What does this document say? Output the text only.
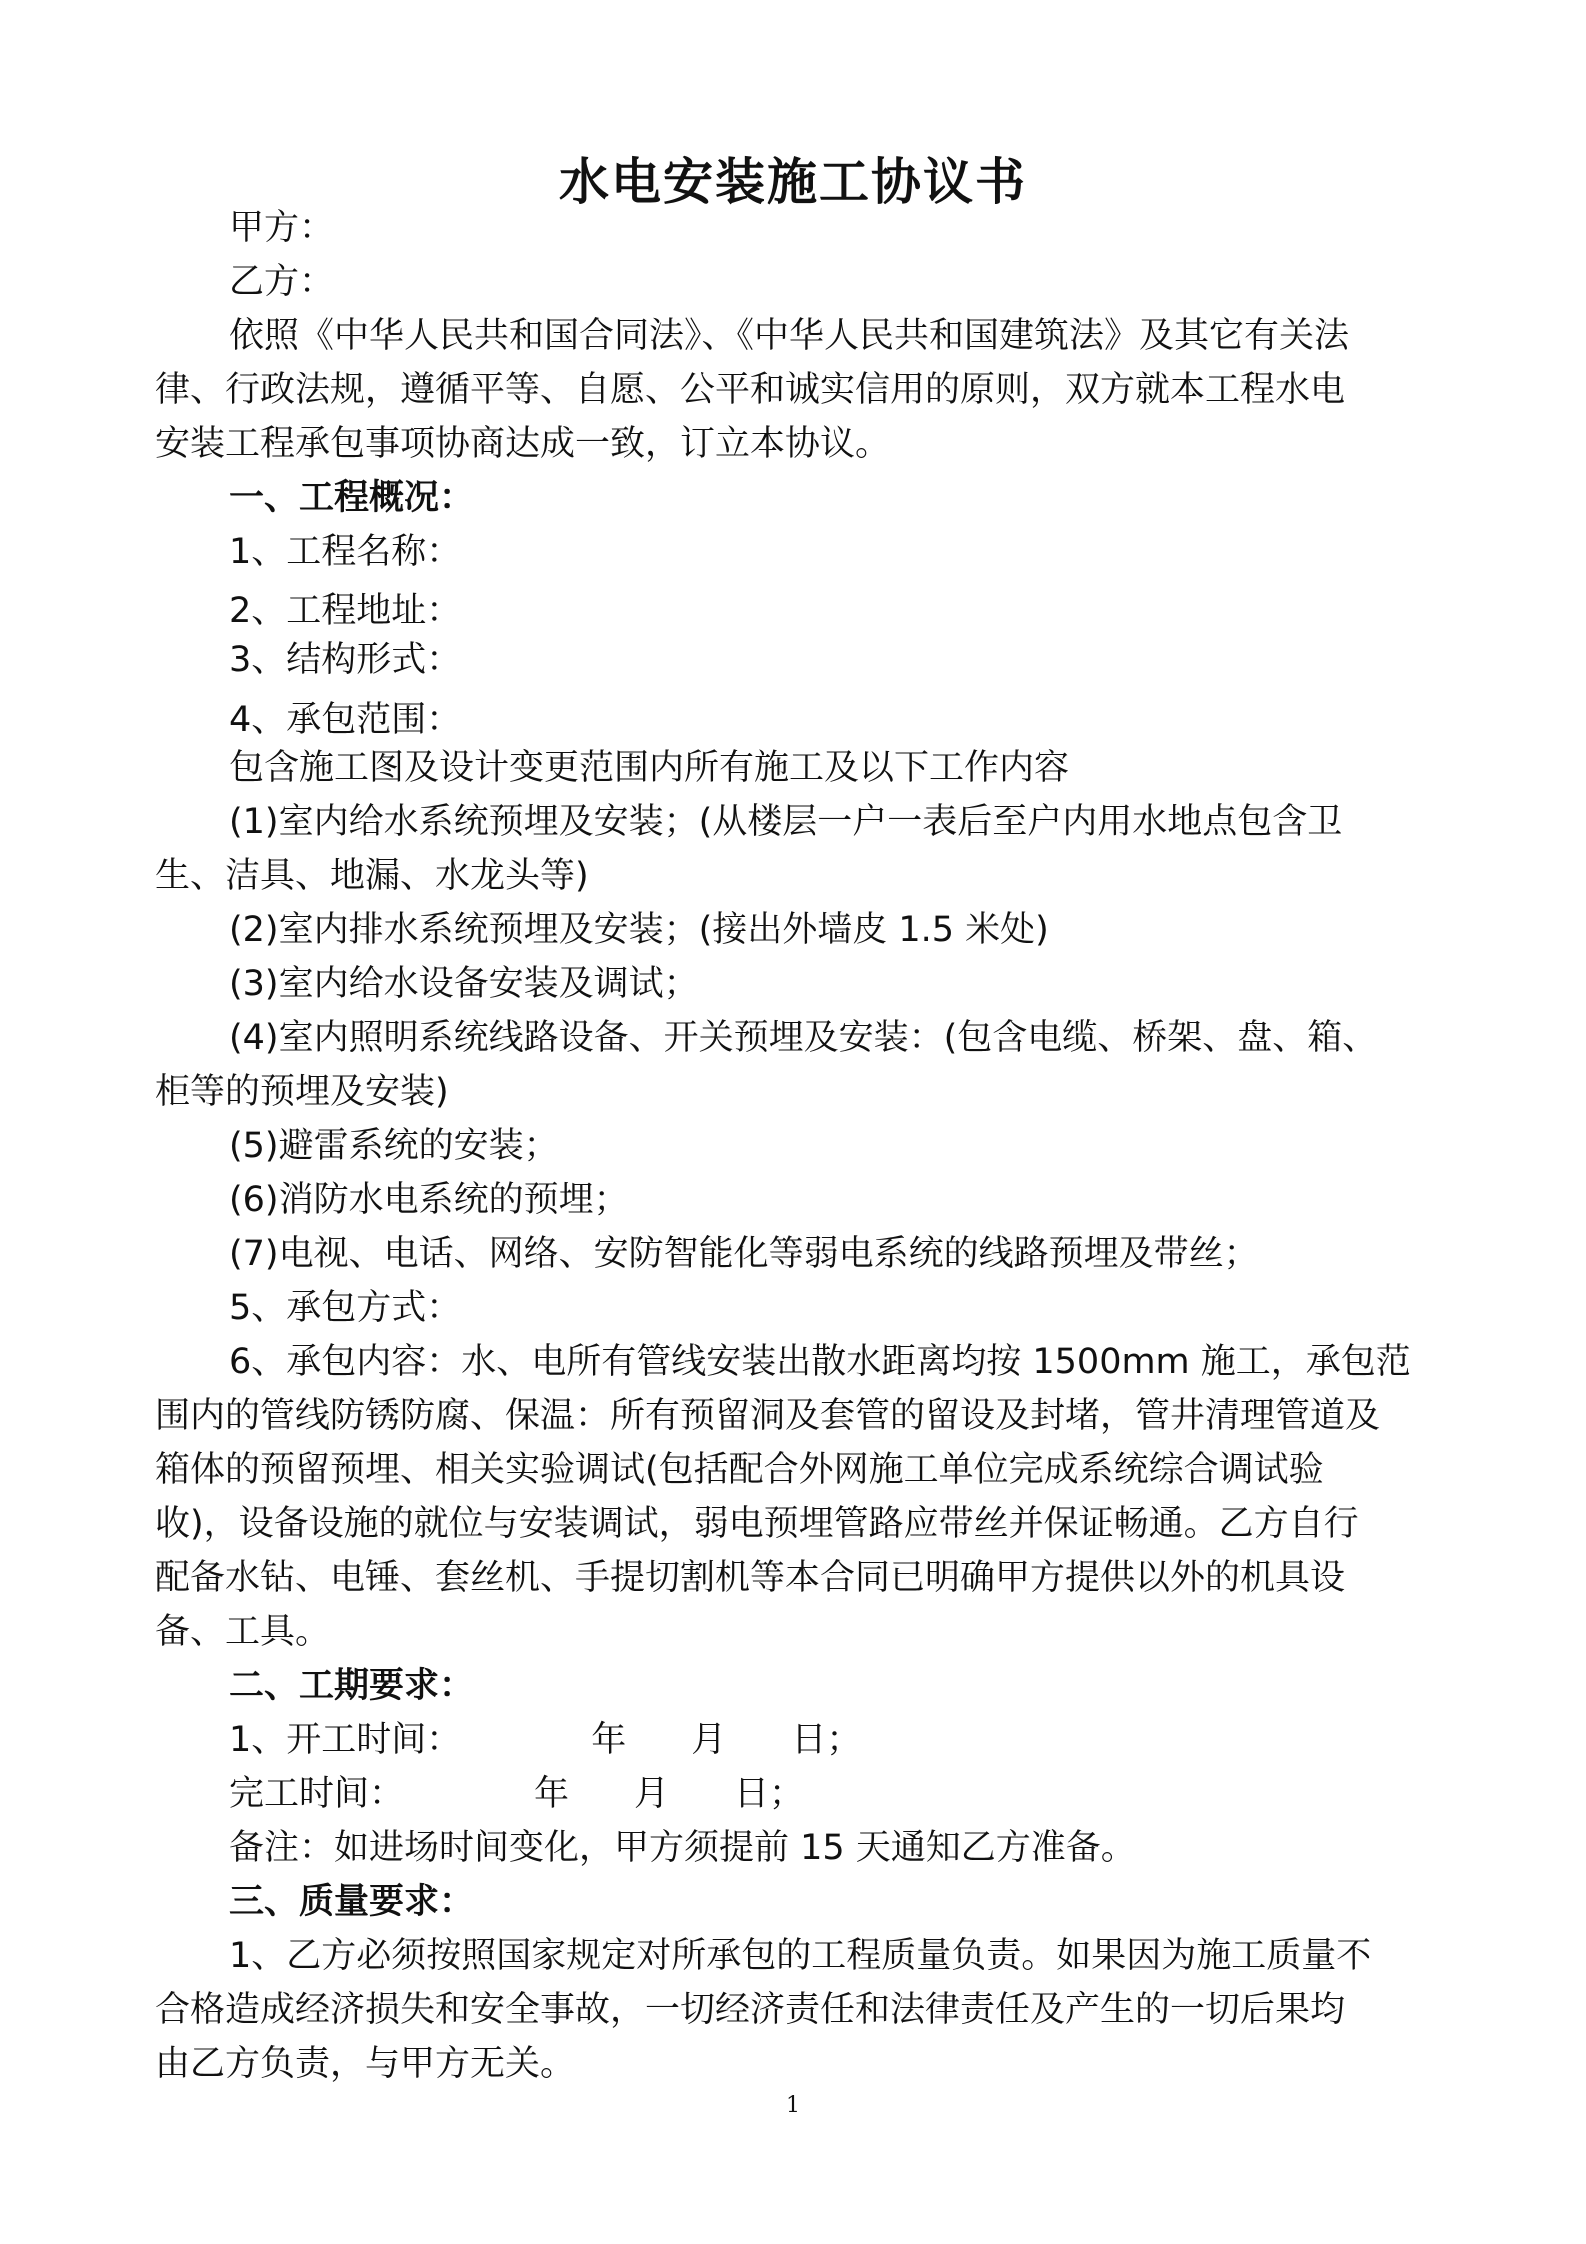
水电安装施工协议书
甲方：
乙方：
依照《中华人民共和国合同法》、《中华人民共和国建筑法》及其它有关法
律、行政法规，遵循平等、自愿、公平和诚实信用的原则，双方就本工程水电
安装工程承包事项协商达成一致，订立本协议。
一、工程概况：
1、工程名称：
2、工程地址：
3、结构形式：
4、承包范围：
包含施工图及设计变更范围内所有施工及以下工作内容
(1)室内给水系统预埋及安装；(从楼层一户一表后至户内用水地点包含卫
生、洁具、地漏、水龙头等)
(2)室内排水系统预埋及安装；(接出外墙皮 1.5 米处)
(3)室内给水设备安装及调试；
(4)室内照明系统线路设备、开关预埋及安装：(包含电缆、桥架、盘、箱、
柜等的预埋及安装)
(5)避雷系统的安装；
(6)消防水电系统的预埋；
(7)电视、电话、网络、安防智能化等弱电系统的线路预埋及带丝；
5、承包方式：
6、承包内容：水、电所有管线安装出散水距离均按 1500mm 施工，承包范
围内的管线防锈防腐、保温：所有预留洞及套管的留设及封堵，管井清理管道及
箱体的预留预埋、相关实验调试(包括配合外网施工单位完成系统综合调试验
收)，设备设施的就位与安装调试，弱电预埋管路应带丝并保证畅通。乙方自行
配备水钻、电锤、套丝机、手提切割机等本合同已明确甲方提供以外的机具设
备、工具。
二、工期要求：
1、开工时间：	年 月 日；
完工时间：	年 月 日；
备注：如进场时间变化，甲方须提前 15 天通知乙方准备。
三、质量要求：
1、乙方必须按照国家规定对所承包的工程质量负责。如果因为施工质量不
合格造成经济损失和安全事故，一切经济责任和法律责任及产生的一切后果均
由乙方负责，与甲方无关。
1
